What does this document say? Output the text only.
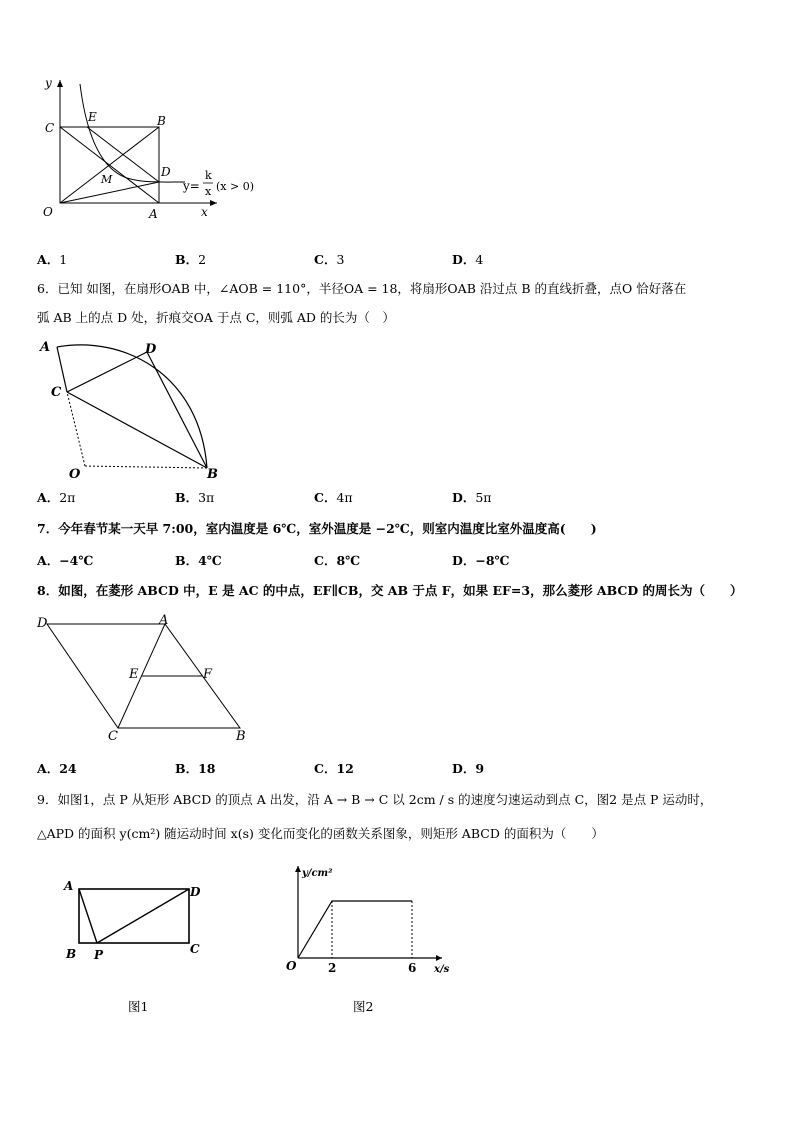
y
x
C
E	B
D
M
O	A
y=
k
x (x > 0)
A．1	B．2	C．3	D．4
6．已知 如图，在扇形OAB 中，∠AOB = 110°，半径OA = 18，将扇形OAB 沿过点 B 的直线折叠，点O 恰好落在
弧 AB 上的点 D 处，折痕交OA 于点 C，则弧 AD 的长为（　）
A	D
C
O	B
A．2π	B．3π	C．4π	D．5π
7．今年春节某一天早 7:00，室内温度是 6℃，室外温度是 −2℃，则室内温度比室外温度高(　　)
A．−4℃	B．4℃	C．8℃	D．−8℃
8．如图，在菱形 ABCD 中，E 是 AC 的中点，EF∥CB，交 AB 于点 F，如果 EF=3，那么菱形 ABCD 的周长为（　　）
D	A
E	F
C	B
A．24	B．18	C．12	D．9
9．如图1，点 P 从矩形 ABCD 的顶点 A 出发，沿 A → B → C 以 2cm / s 的速度匀速运动到点 C，图2 是点 P 运动时，
△APD 的面积 y(cm²) 随运动时间 x(s) 变化而变化的函数关系图象，则矩形 ABCD 的面积为（　　）
A	D
B P	C
y/cm²
x/s
O	2	6
图1	图2
